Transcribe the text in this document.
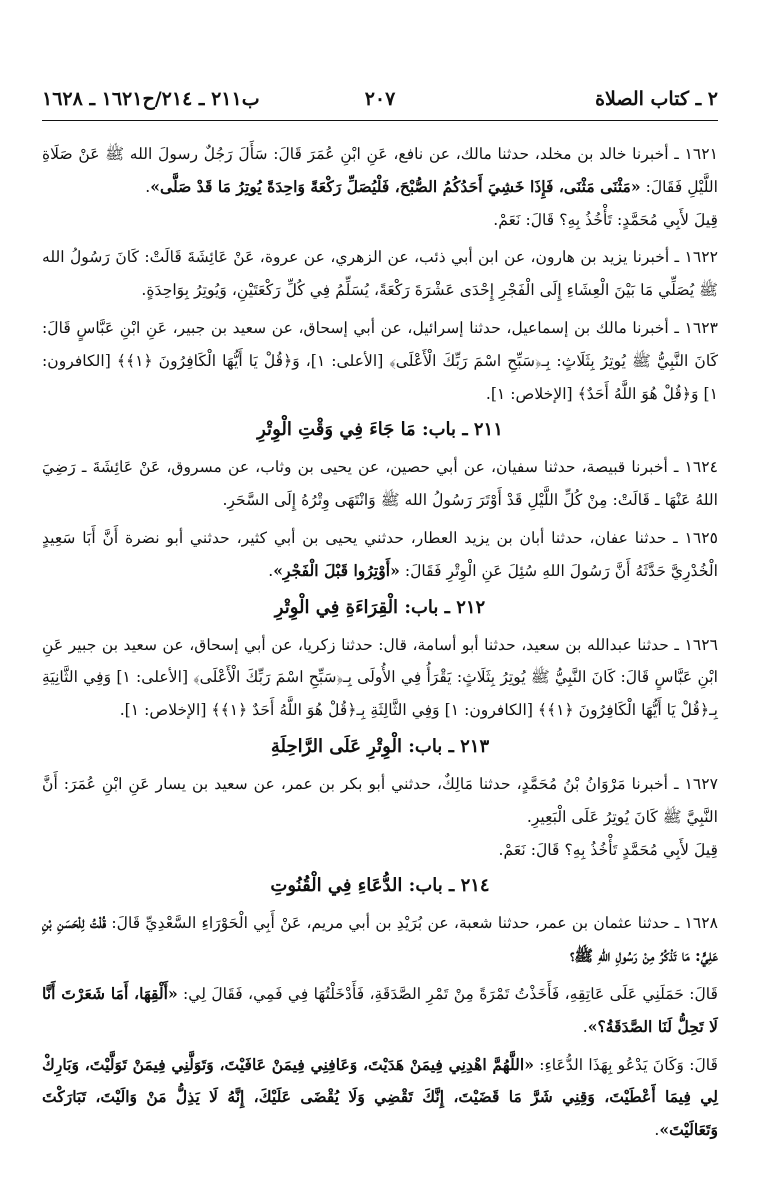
٢ ـ كتاب الصلاة
٢٠٧
ب٢١١ ـ ٢١٤/ح١٦٢١ ـ ١٦٢٨

١٦٢١ ـ أخبرنا خالد بن مخلد، حدثنا مالك، عن نافع، عَنِ ابْنِ عُمَرَ قَالَ: سَأَلَ رَجُلٌ رسولَ الله ﷺ عَنْ صَلَاةِ اللَّيْلِ فَقَالَ: «مَثْنَى مَثْنَى، فَإِذَا خَشِيَ أَحَدُكُمُ الصُّبْحَ، فَلْيُصَلِّ رَكْعَةً وَاحِدَةً يُوتِرُ مَا قَدْ صَلَّى».

قِيلَ لأَبِي مُحَمَّدٍ: تَأْخُذُ بِهِ؟ قَالَ: نَعَمْ.

١٦٢٢ ـ أخبرنا يزيد بن هارون، عن ابن أبي ذئب، عن الزهري، عن عروة، عَنْ عَائِشَةَ قَالَتْ: كَانَ رَسُولُ الله ﷺ يُصَلِّي مَا بَيْنَ الْعِشَاءِ إِلَى الْفَجْرِ إِحْدَى عَشْرَةَ رَكْعَةً، يُسَلِّمُ فِي كُلِّ رَكْعَتَيْنِ، وَيُوتِرُ بِوَاحِدَةٍ.

١٦٢٣ ـ أخبرنا مالك بن إسماعيل، حدثنا إسرائيل، عن أبي إسحاق، عن سعيد بن جبير، عَنِ ابْنِ عَبَّاسٍ قَالَ: كَانَ النَّبِيُّ ﷺ يُوتِرُ بِثَلَاثٍ: بِـ﴿سَبِّحِ اسْمَ رَبِّكَ الْأَعْلَى﴾ [الأعلى: ١]، وَ﴿قُلْ يَا أَيُّهَا الْكَافِرُونَ ﴿١﴾﴾ [الكافرون: ١] وَ﴿قُلْ هُوَ اللَّهُ أَحَدٌ﴾ [الإخلاص: ١].

٢١١ ـ باب: مَا جَاءَ فِي وَقْتِ الْوِتْرِ

١٦٢٤ ـ أخبرنا قبيصة، حدثنا سفيان، عن أبي حصين، عن يحيى بن وثاب، عن مسروق، عَنْ عَائِشَةَ ـ رَضِيَ اللهُ عَنْهَا ـ قَالَتْ: مِنْ كُلِّ اللَّيْلِ قَدْ أَوْتَرَ رَسُولُ الله ﷺ وَانْتَهَى وِتْرُهُ إِلَى السَّحَرِ.

١٦٢٥ ـ حدثنا عفان، حدثنا أبان بن يزيد العطار، حدثني يحيى بن أبي كثير، حدثني أبو نضرة أَنَّ أَبَا سَعِيدٍ الْخُدْرِيَّ حَدَّثَهُ أَنَّ رَسُولَ اللهِ سُئِلَ عَنِ الْوِتْرِ فَقَالَ: «أَوْتِرُوا قَبْلَ الْفَجْرِ».

٢١٢ ـ باب: الْقِرَاءَةِ فِي الْوِتْرِ

١٦٢٦ ـ حدثنا عبدالله بن سعيد، حدثنا أبو أسامة، قال: حدثنا زكريا، عن أبي إسحاق، عن سعيد بن جبير عَنِ ابْنِ عَبَّاسٍ قَالَ: كَانَ النَّبِيُّ ﷺ يُوتِرُ بِثَلَاثٍ: يَقْرَأُ فِي الأُولَى بِـ﴿سَبِّحِ اسْمَ رَبِّكَ الْأَعْلَى﴾ [الأعلى: ١] وَفِي الثَّانِيَةِ بِـ﴿قُلْ يَا أَيُّهَا الْكَافِرُونَ ﴿١﴾﴾ [الكافرون: ١] وَفِي الثَّالِثَةِ بِـ﴿قُلْ هُوَ اللَّهُ أَحَدٌ ﴿١﴾﴾ [الإخلاص: ١].

٢١٣ ـ باب: الْوِتْرِ عَلَى الرَّاحِلَةِ

١٦٢٧ ـ أخبرنا مَرْوَانُ بْنُ مُحَمَّدٍ، حدثنا مَالِكٌ، حدثني أبو بكر بن عمر، عن سعيد بن يسار عَنِ ابْنِ عُمَرَ: أَنَّ النَّبِيَّ ﷺ كَانَ يُوتِرُ عَلَى الْبَعِيرِ.

قِيلَ لأَبِي مُحَمَّدٍ تَأْخُذُ بِهِ؟ قَالَ: نَعَمْ.

٢١٤ ـ باب: الدُّعَاءِ فِي الْقُنُوتِ

١٦٢٨ ـ حدثنا عثمان بن عمر، حدثنا شعبة، عن بُرَيْدِ بن أبي مريم، عَنْ أَبِي الْحَوْرَاءِ السَّعْدِيِّ قَالَ: قُلْتُ لِلْحَسَنِ بْنِ عَلِيٍّ: مَا تَذْكُرُ مِنْ رَسُولِ اللهِ ﷺ؟

قَالَ: حَمَلَنِي عَلَى عَاتِقِهِ، فَأَخَذْتُ تَمْرَةً مِنْ تَمْرِ الصَّدَقَةِ، فَأَدْخَلْتُهَا فِي فَمِي، فَقَالَ لِي: «أَلْقِهَا، أَمَا شَعَرْتَ أَنَّا لَا تَحِلُّ لَنَا الصَّدَقَةُ؟».

قَالَ: وَكَانَ يَدْعُو بِهَذَا الدُّعَاءِ: «اللَّهُمَّ اهْدِنِي فِيمَنْ هَدَيْتَ، وَعَافِنِي فِيمَنْ عَافَيْتَ، وَتَوَلَّنِي فِيمَنْ تَوَلَّيْتَ، وَبَارِكْ لِي فِيمَا أَعْطَيْتَ، وَقِنِي شَرَّ مَا قَضَيْتَ، إِنَّكَ تَقْضِي وَلَا يُقْضَى عَلَيْكَ، إِنَّهُ لَا يَذِلُّ مَنْ وَالَيْتَ، تَبَارَكْتَ وَتَعَالَيْتَ».
